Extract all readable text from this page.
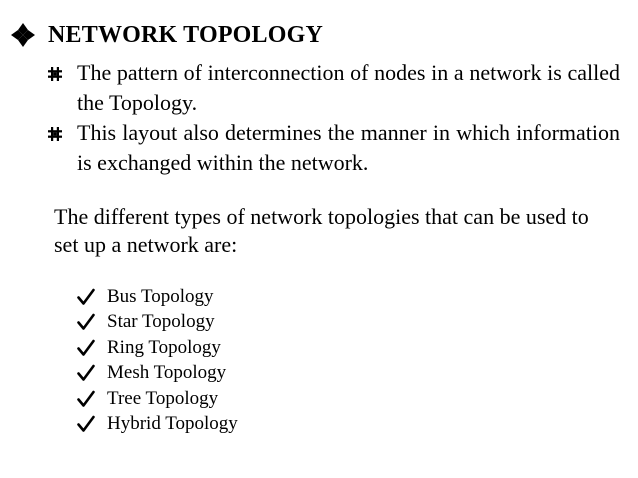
NETWORK TOPOLOGY
The pattern of interconnection of nodes in a network is called the Topology.
This layout also determines the manner in which information is exchanged within the network.
The different types of network topologies that can be used to set up a network are:
Bus Topology
Star Topology
Ring Topology
Mesh Topology
Tree Topology
Hybrid Topology
